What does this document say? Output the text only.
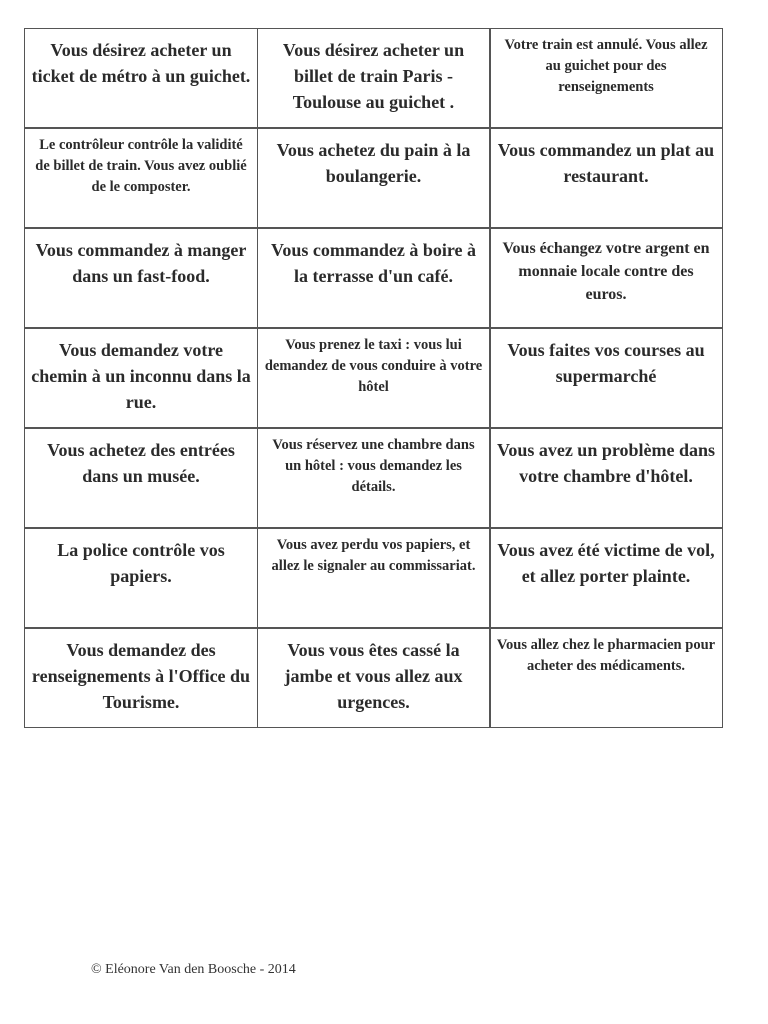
Vous désirez acheter un ticket de métro à un guichet.
Vous désirez acheter un billet de train Paris - Toulouse au guichet .
Votre train est annulé. Vous allez au guichet pour des renseignements
Le contrôleur contrôle la validité de billet de train. Vous avez oublié de le composter.
Vous achetez du pain à la boulangerie.
Vous commandez un plat au restaurant.
Vous commandez à manger dans un fast-food.
Vous commandez à boire à la terrasse d'un café.
Vous échangez votre argent en monnaie locale contre des euros.
Vous demandez votre chemin à un inconnu dans la rue.
Vous prenez le taxi : vous lui demandez de vous conduire à votre hôtel
Vous faites vos courses au supermarché
Vous achetez des entrées dans un musée.
Vous réservez une chambre dans un hôtel : vous demandez les détails.
Vous avez un problème dans votre chambre d'hôtel.
La police contrôle vos papiers.
Vous avez perdu vos papiers, et allez le signaler au commissariat.
Vous avez été victime de vol, et allez porter plainte.
Vous demandez des renseignements à l'Office du Tourisme.
Vous vous êtes cassé la jambe et vous allez aux urgences.
Vous allez chez le pharmacien pour acheter des médicaments.
© Eléonore Van den Boosche - 2014
